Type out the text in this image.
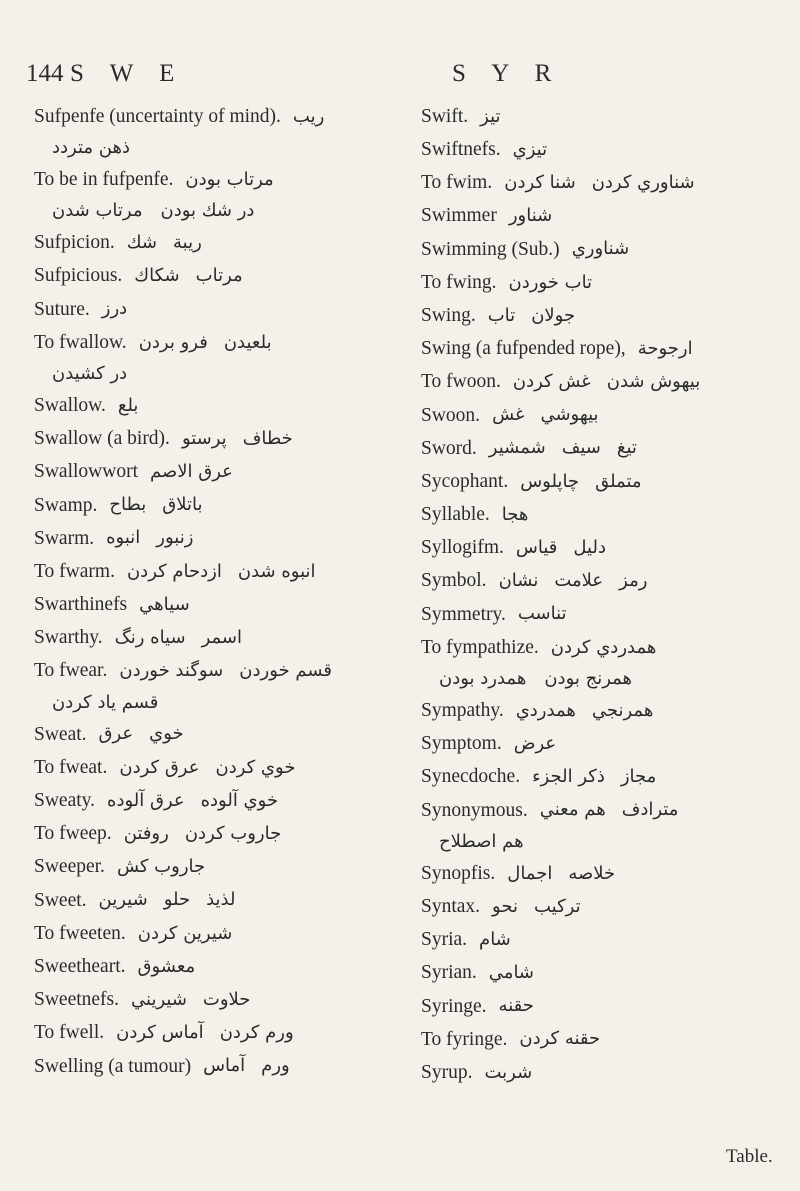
144 S W E	S Y R
Sufpenfe (uncertainty of mind). ريب
ذهن متردد
To be in fufpenfe. مرتاب بودن
مرتاب شدن در شك بودن
Sufpicion. شك ريبة
Sufpicious. شكاك مرتاب
Suture. درز
To fwallow. فرو بردن بلعيدن
در کشيدن
Swallow. بلع
Swallow (a bird). پرستو خطاف
Swallowwort عرق الاصم
Swamp. بطاح باتلاق
Swarm. انبوه زنبور
To fwarm. ازدحام کردن انبوه شدن
Swarthinefs سياهي
Swarthy. سياه رنگ اسمر
To fwear. سوگند خوردن قسم خوردن
قسم ياد کردن
Sweat. عرق خوي
To fweat. عرق کردن خوي کردن
Sweaty. عرق آلوده خوي آلوده
To fweep. روفتن جاروب کردن
Sweeper. جاروب کش
Sweet. شيرين حلو لذيذ
To fweeten. شيرين کردن
Sweetheart. معشوق
Sweetnefs. شيريني حلاوت
To fwell. آماس کردن ورم کردن
Swelling (a tumour) آماس ورم
Swift. تيز
Swiftnefs. تيزي
To fwim. شنا کردن شناوري کردن
Swimmer شناور
Swimming (Sub.) شناوري
To fwing. تاب خوردن
Swing. تاب جولان
Swing (a fufpended rope), ارجوحة
To fwoon. غش کردن بيهوش شدن
Swoon. غش بيهوشي
Sword. شمشير سيف تيغ
Sycophant. چاپلوس متملق
Syllable. هجا
Syllogifm. قياس دليل
Symbol. نشان علامت رمز
Symmetry. تناسب
To fympathize. همدردي کردن
همدرد بودن همرنج بودن
Sympathy. همدردي همرنجي
Symptom. عرض
Synecdoche. ذکر الجزء مجاز
Synonymous. هم معني مترادف
هم اصطلاح
Synopfis. اجمال خلاصه
Syntax. نحو ترکيب
Syria. شام
Syrian. شامي
Syringe. حقنه
To fyringe. حقنه کردن
Syrup. شربت
Table.
